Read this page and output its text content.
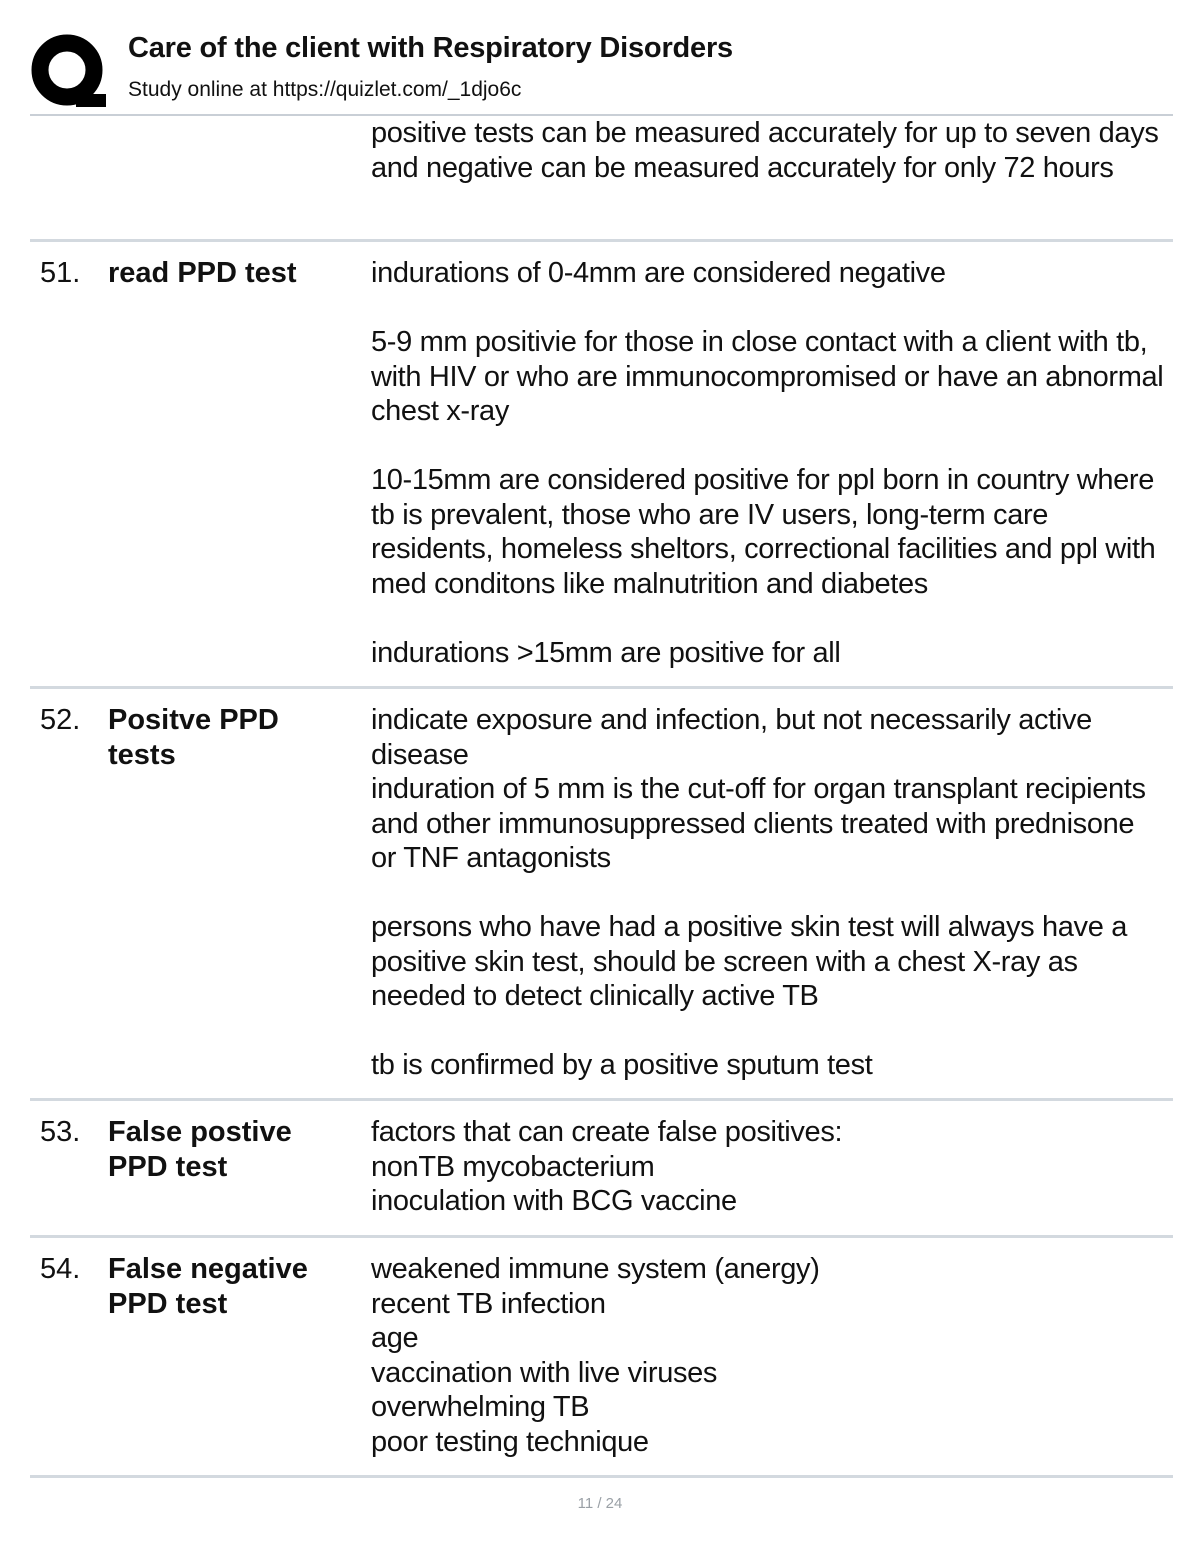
Care of the client with Respiratory Disorders
Study online at https://quizlet.com/_1djo6c
positive tests can be measured accurately for up to seven days and negative can be measured accurately for only 72 hours
51. read PPD test	indurations of 0-4mm are considered negative

5-9 mm positivie for those in close contact with a client with tb, with HIV or who are immunocompromised or have an abnormal chest x-ray

10-15mm are considered positive for ppl born in country where tb is prevalent, those who are IV users, long-term care residents, homeless sheltors, correctional facilities and ppl with med conditons like malnutrition and diabetes

indurations >15mm are positive for all
52. Positve PPD tests
indicate exposure and infection, but not necessarily active disease
induration of 5 mm is the cut-off for organ transplant recipients and other immunosuppressed clients treated with prednisone or TNF antagonists

persons who have had a positive skin test will always have a positive skin test, should be screen with a chest X-ray as needed to detect clinically active TB

tb is confirmed by a positive sputum test
53. False postive PPD test
factors that can create false positives:
nonTB mycobacterium
inoculation with BCG vaccine
54. False negative PPD test
weakened immune system (anergy)
recent TB infection
age
vaccination with live viruses
overwhelming TB
poor testing technique
11 / 24
